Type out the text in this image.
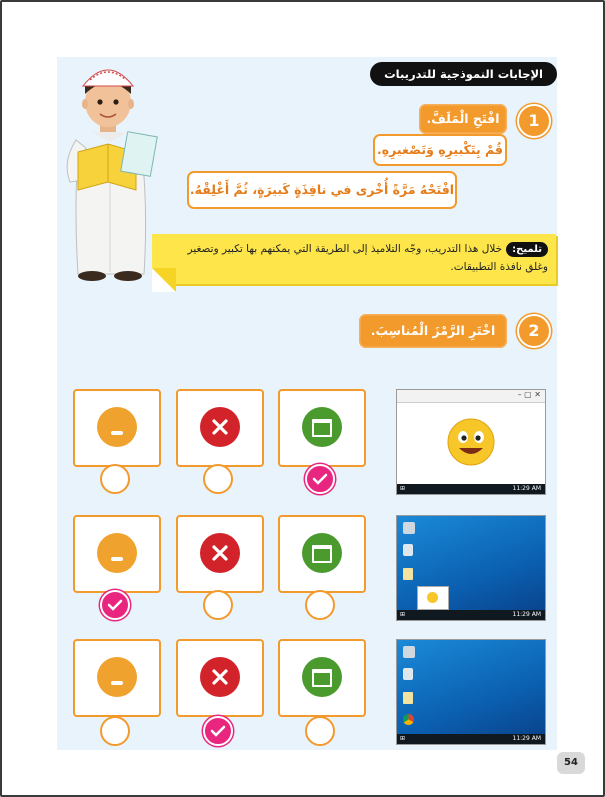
الإجابات النموذجية للتدريبات
1
افْتَحِ الْمَلَفَّ.
قُمْ بِتَكْبيرِهِ وَتَصْغيرِهِ.
افْتَحْهُ مَرَّةً أُخْرى في نافِذَةٍ كَبيرَةٍ، ثُمَّ أَغْلِقْهُ.
تلميح:خلال هذا التدريب، وجّه التلاميذ إلى الطريقة التي يمكنهم بها تكبير وتصغير وغلق نافذة التطبيقات.
2
اخْتَرِ الرَّمْزَ الْمُناسِبَ.
– ▢ ✕
11:29 AM
⊞
11:29 AM
⊞
11:29 AM
⊞
54
